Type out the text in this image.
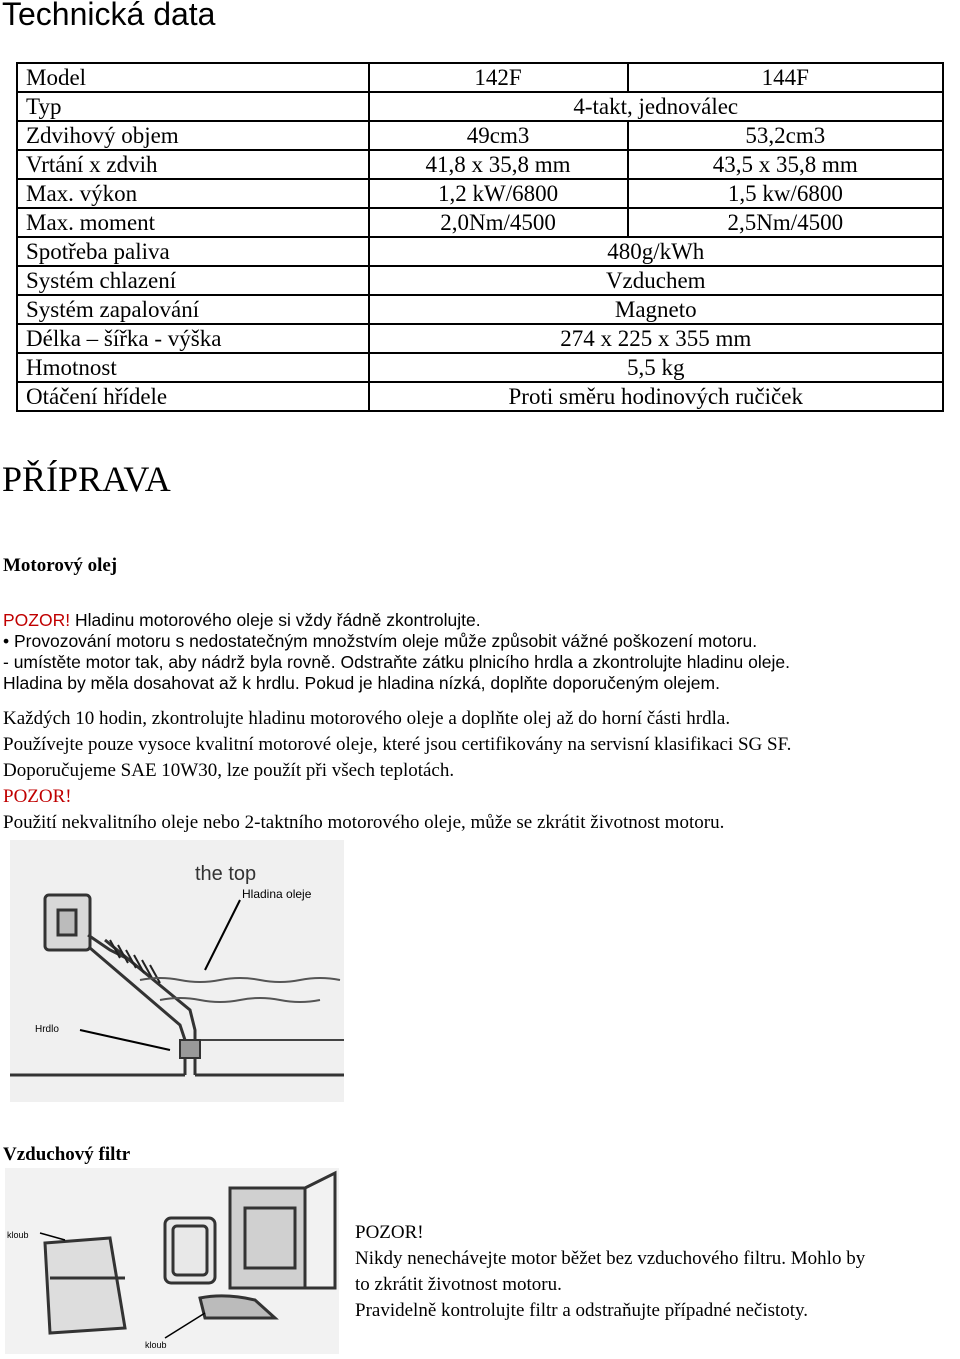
Technická data
Model	142F	144F
Typ	4-takt, jednoválec	
Zdvihový objem	49cm3	53,2cm3
Vrtání x zdvih	41,8 x 35,8 mm	43,5 x 35,8 mm
Max. výkon	1,2 kW/6800	1,5 kw/6800
Max. moment	2,0Nm/4500	2,5Nm/4500
Spotřeba paliva	480g/kWh	
Systém chlazení	Vzduchem	
Systém zapalování	Magneto	
Délka – šířka - výška	274 x 225 x 355 mm	
Hmotnost	5,5 kg	
Otáčení hřídele	Proti směru hodinových ručiček	
PŘÍPRAVA
Motorový olej
POZOR! Hladinu motorového oleje si vždy řádně zkontrolujte.
• Provozování motoru s nedostatečným množstvím oleje může způsobit vážné poškození motoru.
- umístěte motor tak, aby nádrž byla rovně. Odstraňte zátku plnicího hrdla a zkontrolujte hladinu oleje.
Hladina by měla dosahovat až k hrdlu. Pokud je hladina nízká, doplňte doporučeným olejem.
Každých 10 hodin, zkontrolujte hladinu motorového oleje a doplňte olej až do horní části hrdla.
Používejte pouze vysoce kvalitní motorové oleje, které jsou certifikovány na servisní klasifikaci SG SF.
Doporučujeme SAE 10W30, lze použít při všech teplotách.
POZOR!
Použití nekvalitního oleje nebo 2-taktního motorového oleje, může se zkrátit životnost motoru.
the top
Hladina oleje
Hrdlo
Vzduchový filtr
kloub
kloub
POZOR!
Nikdy nenechávejte motor běžet bez vzduchového filtru. Mohlo by
to zkrátit životnost motoru.
Pravidelně kontrolujte filtr a odstraňujte případné nečistoty.
